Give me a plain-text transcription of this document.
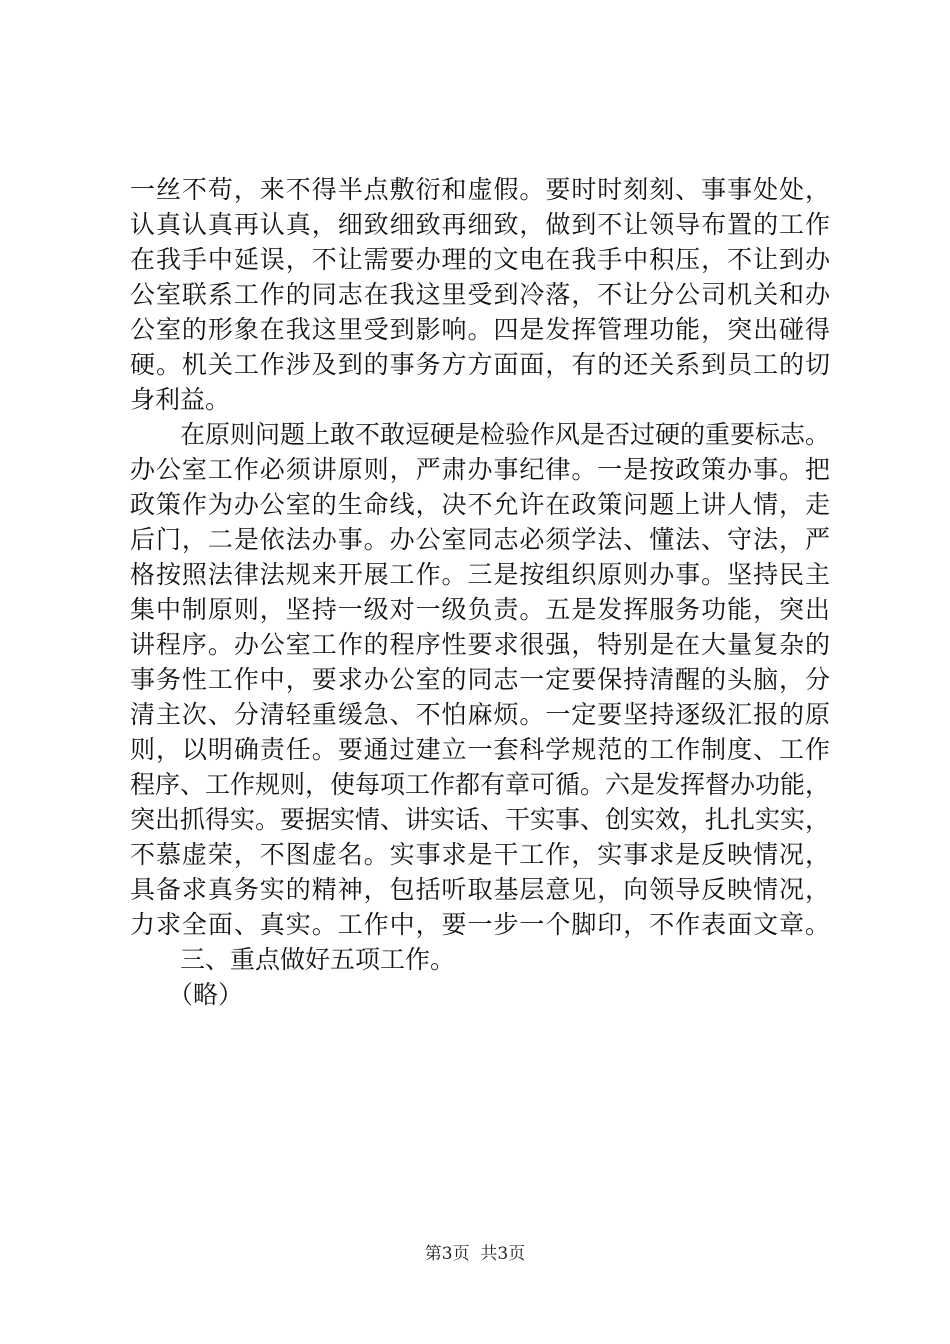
一丝不苟，来不得半点敷衍和虚假。要时时刻刻、事事处处，
认真认真再认真，细致细致再细致，做到不让领导布置的工作
在我手中延误，不让需要办理的文电在我手中积压，不让到办
公室联系工作的同志在我这里受到冷落，不让分公司机关和办
公室的形象在我这里受到影响。四是发挥管理功能，突出碰得
硬。机关工作涉及到的事务方方面面，有的还关系到员工的切
身利益。
在原则问题上敢不敢逗硬是检验作风是否过硬的重要标志。
办公室工作必须讲原则，严肃办事纪律。一是按政策办事。把
政策作为办公室的生命线，决不允许在政策问题上讲人情，走
后门，二是依法办事。办公室同志必须学法、懂法、守法，严
格按照法律法规来开展工作。三是按组织原则办事。坚持民主
集中制原则，坚持一级对一级负责。五是发挥服务功能，突出
讲程序。办公室工作的程序性要求很强，特别是在大量复杂的
事务性工作中，要求办公室的同志一定要保持清醒的头脑，分
清主次、分清轻重缓急、不怕麻烦。一定要坚持逐级汇报的原
则，以明确责任。要通过建立一套科学规范的工作制度、工作
程序、工作规则，使每项工作都有章可循。六是发挥督办功能，
突出抓得实。要据实情、讲实话、干实事、创实效，扎扎实实，
不慕虚荣，不图虚名。实事求是干工作，实事求是反映情况，
具备求真务实的精神，包括听取基层意见，向领导反映情况，
力求全面、真实。工作中，要一步一个脚印，不作表面文章。
三、重点做好五项工作。
（略）
第3页  共3页
